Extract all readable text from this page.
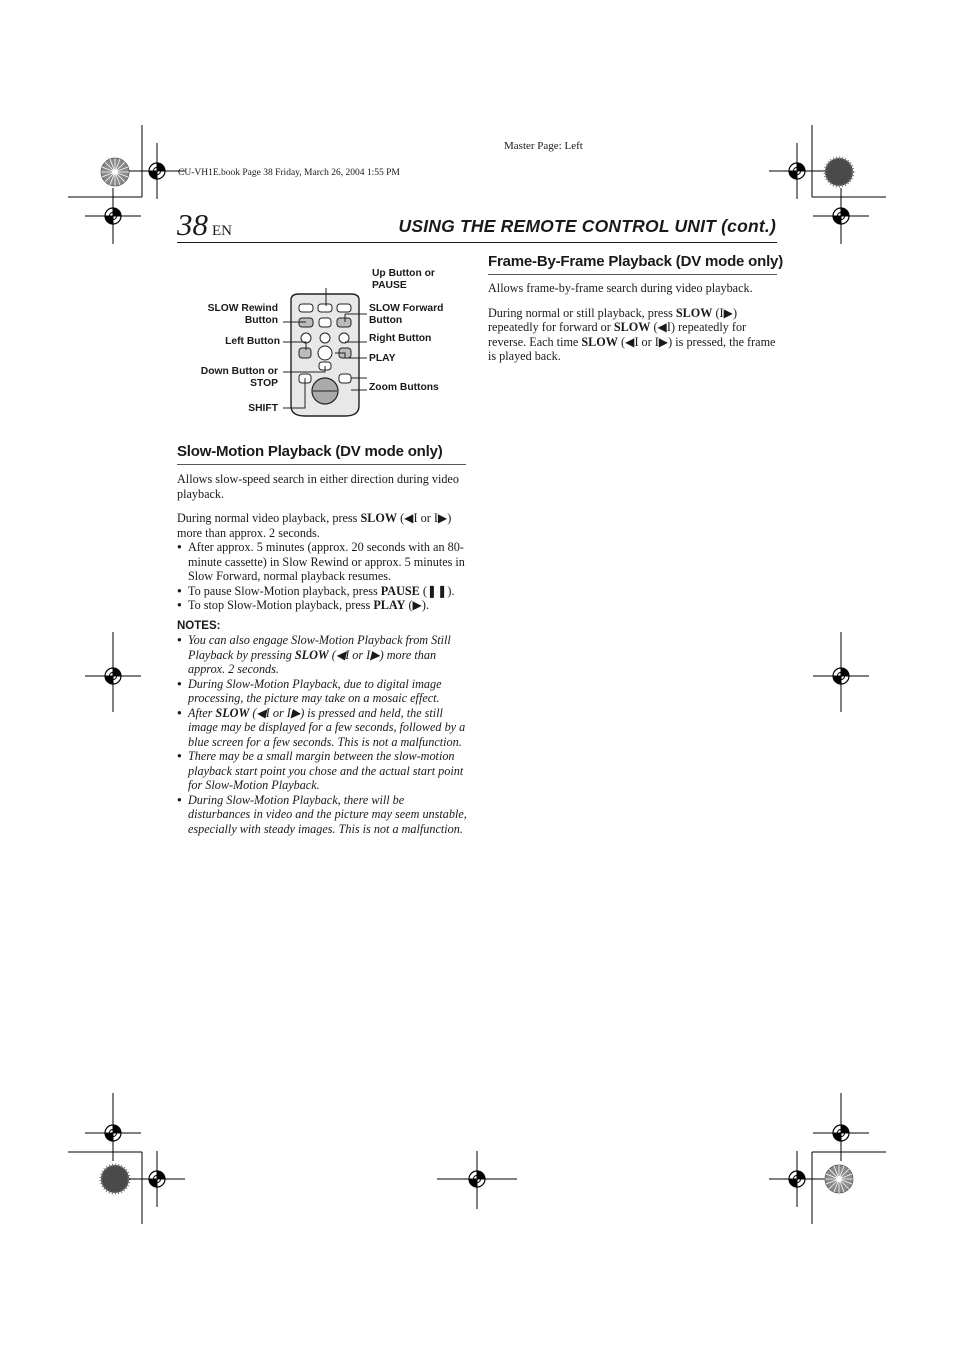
Master Page: Left
CU-VH1E.book Page 38 Friday, March 26, 2004 1:55 PM
38 EN	USING THE REMOTE CONTROL UNIT (cont.)
Up Button or
PAUSE
SLOW Rewind
Button
SLOW Forward
Button
Left Button	Right Button
PLAY
Down Button or
STOP	Zoom Buttons
SHIFT
Slow-Motion Playback (DV mode only)

Allows slow-speed search in either direction during video playback.

During normal video playback, press SLOW (◀I or I▶) more than approx. 2 seconds.

● After approx. 5 minutes (approx. 20 seconds with an 80-minute cassette) in Slow Rewind or approx. 5 minutes in Slow Forward, normal playback resumes.
● To pause Slow-Motion playback, press PAUSE (❚❚).
● To stop Slow-Motion playback, press PLAY (▶).
NOTES:
● You can also engage Slow-Motion Playback from Still Playback by pressing SLOW (◀I or I▶) more than approx. 2 seconds.
● During Slow-Motion Playback, due to digital image processing, the picture may take on a mosaic effect.
● After SLOW (◀I or I▶) is pressed and held, the still image may be displayed for a few seconds, followed by a blue screen for a few seconds. This is not a malfunction.
● There may be a small margin between the slow-motion playback start point you chose and the actual start point for Slow-Motion Playback.
● During Slow-Motion Playback, there will be disturbances in video and the picture may seem unstable, especially with steady images. This is not a malfunction.
Frame-By-Frame Playback (DV mode only)

Allows frame-by-frame search during video playback.

During normal or still playback, press SLOW (I▶) repeatedly for forward or SLOW (◀I) repeatedly for reverse. Each time SLOW (◀I or I▶) is pressed, the frame is played back.
